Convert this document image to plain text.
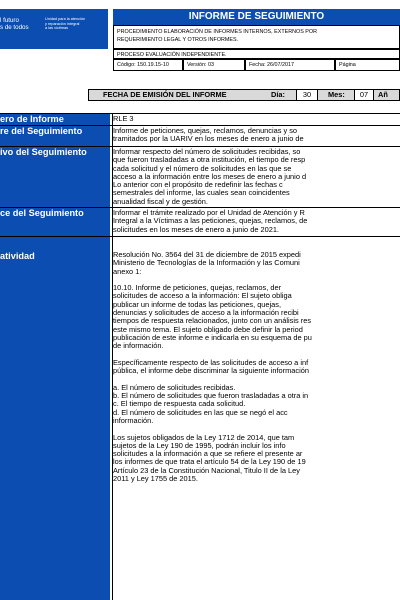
l futuro
s de todos
Unidad para la atención
y reparación integral
a las víctimas
INFORME DE SEGUIMIENTO
PROCEDIMIENTO ELABORACIÓN DE INFORMES INTERNOS, EXTERNOS POR
REQUERIMIENTO LEGAL Y OTROS INFORMES.
PROCESO EVALUACIÓN INDEPENDIENTE.
Código: 150.19.15-10	Versión: 03	Fecha: 26/07/2017	Página
FECHA DE EMISIÓN DEL INFORME	Día:	30	Mes:	07	Añ
ero de Informe	RLE 3
re del Seguimiento	Informe de peticiones, quejas, reclamos, denuncias y so

tramitados por la UARIV en los meses de enero a junio de

ivo del Seguimiento	Informar respecto del número de solicitudes recibidas, so

que fueron trasladadas a otra institución, el tiempo de resp

cada solicitud y el número de solicitudes en las que se

acceso a la información entre los meses de enero a junio d

Lo anterior con el propósito de redefinir las fechas c

semestrales del informe, las cuales sean coincidentes

anualidad fiscal y de gestión.

ce del Seguimiento	Informar el trámite realizado por el Unidad de Atención y R

Integral a la Víctimas a las peticiones, quejas, reclamos, de

solicitudes en los meses de enero a junio de 2021.

atividad	Resolución No. 3564 del 31 de diciembre de 2015 expedi

Ministerio de Tecnologías de la Información y las Comuni

anexo 1:

10.10. Informe de peticiones, quejas, reclamos, der

solicitudes de acceso a la información: El sujeto obliga

publicar un informe de todas las peticiones, quejas,

denuncias y solicitudes de acceso a la información recibi

tiempos de respuesta relacionados, junto con un análisis res

este mismo tema. El sujeto obligado debe definir la period

publicación de este informe e indicarla en su esquema de pu

de información.

Específicamente respecto de las solicitudes de acceso a inf

pública, el informe debe discriminar la siguiente información

a. El número de solicitudes recibidas.

b. El número de solicitudes que fueron trasladadas a otra in

c. El tiempo de respuesta cada solicitud.

d. El número de solicitudes en las que se negó el acc

información.

Los sujetos obligados de la Ley 1712 de 2014, que tam

sujetos de la Ley 190 de 1995, podrán incluir los info

solicitudes a la información a que se refiere el presente ar

los informes de que trata el artículo 54 de la Ley 190 de 19

Artículo 23 de la Constitución Nacional, Titulo II de la Ley

2011 y Ley 1755 de 2015.
